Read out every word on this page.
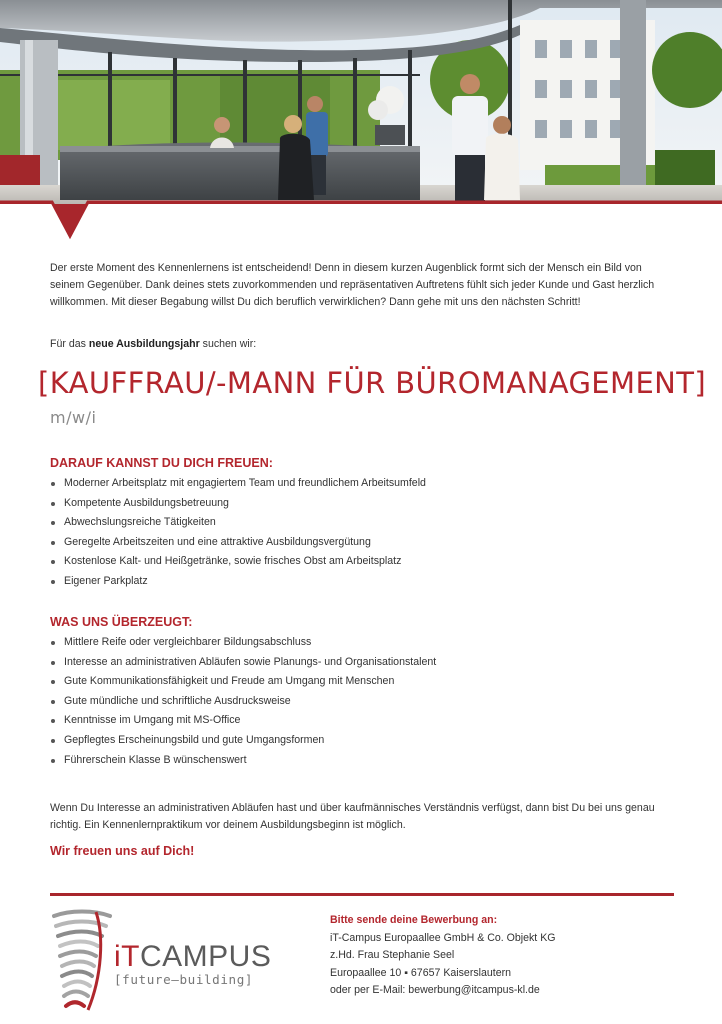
Der erste Moment des Kennenlernens ist entscheidend! Denn in diesem kurzen Augenblick formt sich der Mensch ein Bild von seinem Gegenüber. Dank deines stets zuvorkommenden und repräsentativen Auftretens fühlt sich jeder Kunde und Gast herzlich willkommen. Mit dieser Begabung willst Du dich beruflich verwirklichen? Dann gehe mit uns den nächsten Schritt!

Für das neue Ausbildungsjahr suchen wir:

[KAUFFRAU/-MANN FÜR BÜROMANAGEMENT]
m/w/i
DARAUF KANNST DU DICH FREUEN:
Moderner Arbeitsplatz mit engagiertem Team und freundlichem Arbeitsumfeld
Kompetente Ausbildungsbetreuung
Abwechslungsreiche Tätigkeiten
Geregelte Arbeitszeiten und eine attraktive Ausbildungsvergütung
Kostenlose Kalt- und Heißgetränke, sowie frisches Obst am Arbeitsplatz
Eigener Parkplatz
WAS UNS ÜBERZEUGT:
Mittlere Reife oder vergleichbarer Bildungsabschluss
Interesse an administrativen Abläufen sowie Planungs- und Organisationstalent
Gute Kommunikationsfähigkeit und Freude am Umgang mit Menschen
Gute mündliche und schriftliche Ausdrucksweise
Kenntnisse im Umgang mit MS-Office
Gepflegtes Erscheinungsbild und gute Umgangsformen
Führerschein Klasse B wünschenswert

Wenn Du Interesse an administrativen Abläufen hast und über kaufmännisches Verständnis verfügst, dann bist Du bei uns genau richtig. Ein Kennenlernpraktikum vor deinem Ausbildungsbeginn ist möglich.

Wir freuen uns auf Dich!
iTCAMPUS
[future—building]
Bitte sende deine Bewerbung an:
iT-Campus Europaallee GmbH & Co. Objekt KG
z.Hd. Frau Stephanie Seel
Europaallee 10 ▪ 67657 Kaiserslautern
oder per E-Mail: bewerbung@itcampus-kl.de
